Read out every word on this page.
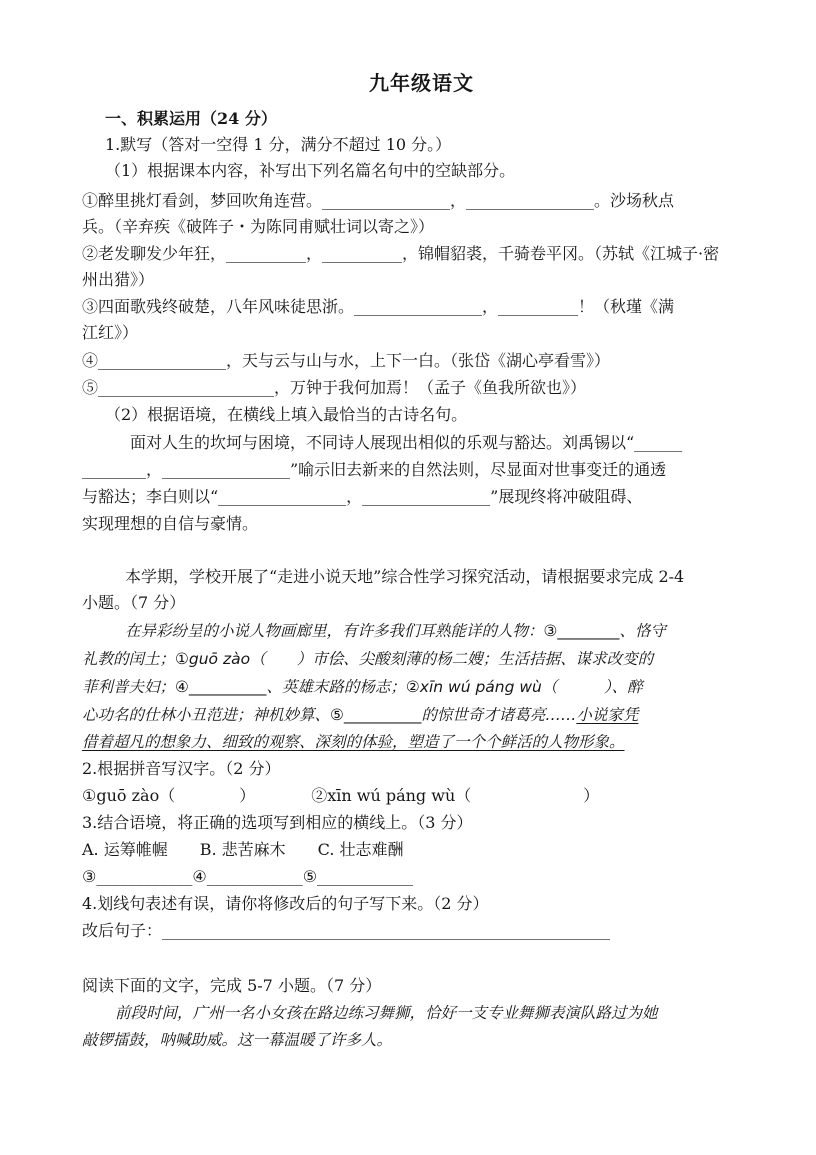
九年级语文
一、积累运用（24 分）
1.默写（答对一空得 1 分，满分不超过 10 分。）
（1）根据课本内容，补写出下列名篇名句中的空缺部分。
①醉里挑灯看剑，梦回吹角连营。________________，________________。沙场秋点
兵。（辛弃疾《破阵子・为陈同甫赋壮词以寄之》）
②老发聊发少年狂，__________，__________，锦帽貂裘，千骑卷平冈。（苏轼《江城子·密
州出猎》）
③四面歌残终破楚，八年风味徒思浙。________________，__________！（秋瑾《满
江红》）
④________________，天与云与山与水，上下一白。（张岱《湖心亭看雪》）
⑤______________________，万钟于我何加焉！（孟子《鱼我所欲也》）
（2）根据语境，在横线上填入最恰当的古诗名句。
面对人生的坎坷与困境，不同诗人展现出相似的乐观与豁达。刘禹锡以“______
________，________________”喻示旧去新来的自然法则，尽显面对世事变迁的通透
与豁达；李白则以“________________，________________”展现终将冲破阻碍、
实现理想的自信与豪情。
本学期，学校开展了“走进小说天地”综合性学习探究活动，请根据要求完成 2-4
小题。（7 分）
在异彩纷呈的小说人物画廊里，有许多我们耳熟能详的人物：③________、恪守
礼教的闰土；①guō zào（　　）市侩、尖酸刻薄的杨二嫂；生活拮据、谋求改变的
菲利普夫妇；④__________、英雄末路的杨志；②xīn wú páng wù（　　　）、醉
心功名的仕林小丑范进；神机妙算、⑤__________的惊世奇才诸葛亮……小说家凭
借着超凡的想象力、细致的观察、深刻的体验，塑造了一个个鲜活的人物形象。
2.根据拼音写汉字。（2 分）
①guō zào（　　　　）　　　　②xīn wú páng wù（　　　　　　　）
3.结合语境，将正确的选项写到相应的横线上。（3 分）
A. 运筹帷幄　　B. 悲苦麻木　　C. 壮志难酬
③____________④____________⑤____________
4.划线句表述有误，请你将修改后的句子写下来。（2 分）
改后句子：________________________________________________________
阅读下面的文字，完成 5-7 小题。（7 分）
前段时间，广州一名小女孩在路边练习舞狮，恰好一支专业舞狮表演队路过为她
敲锣擂鼓，呐喊助威。这一幕温暖了许多人。
